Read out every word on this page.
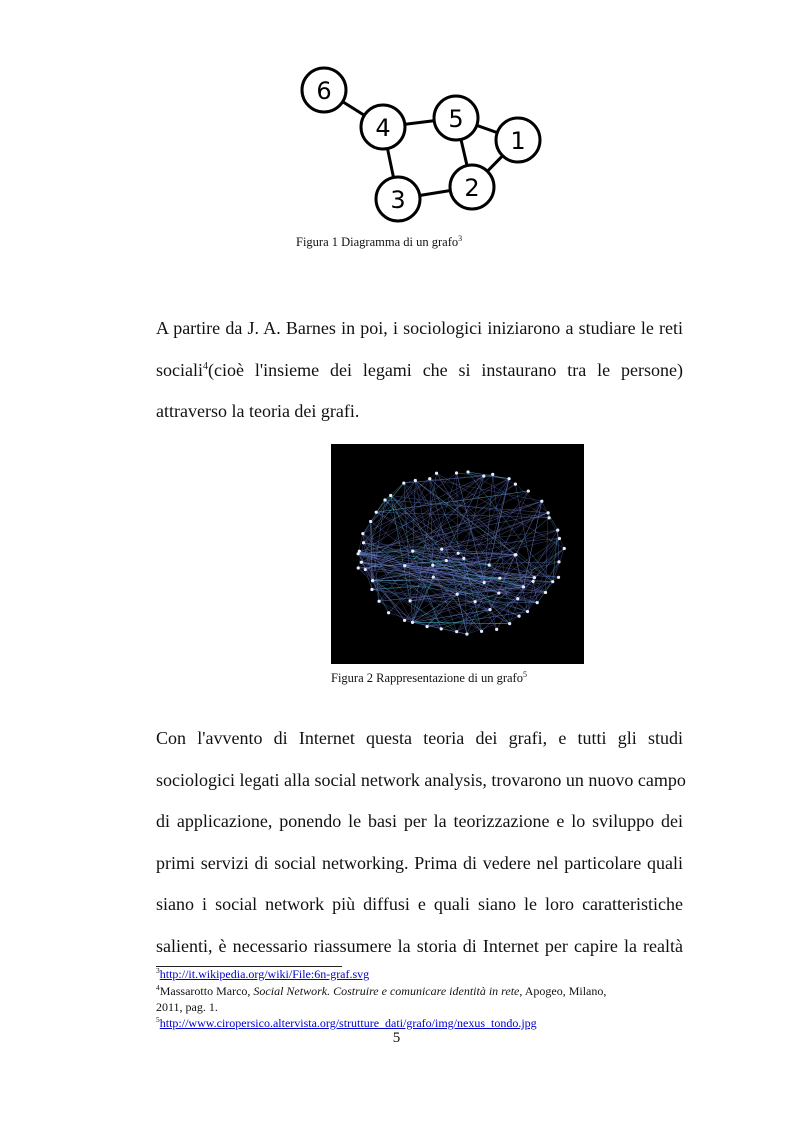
6
4 5
1
3 2
Figura 1 Diagramma di un grafo$^3$
A partire da J. A. Barnes in poi, i sociologici iniziarono a studiare le reti
sociali$^4$(cioè l'insieme dei legami che si instaurano tra le persone)
attraverso la teoria dei grafi.
Figura 2 Rappresentazione di un grafo$^5$
Con l'avvento di Internet questa teoria dei grafi, e tutti gli studi
sociologici legati alla social network analysis, trovarono un nuovo campo
di applicazione, ponendo le basi per la teorizzazione e lo sviluppo dei
primi servizi di social networking. Prima di vedere nel particolare quali
siano i social network più diffusi e quali siano le loro caratteristiche
salienti, è necessario riassumere la storia di Internet per capire la realtà
$^3$http://it.wikipedia.org/wiki/File:6n-graf.svg
$^4$Massarotto Marco, Social Network. Costruire e comunicare identità in rete, Apogeo, Milano,
2011, pag. 1.
$^5$http://www.ciropersico.altervista.org/strutture_dati/grafo/img/nexus_tondo.jpg
5
